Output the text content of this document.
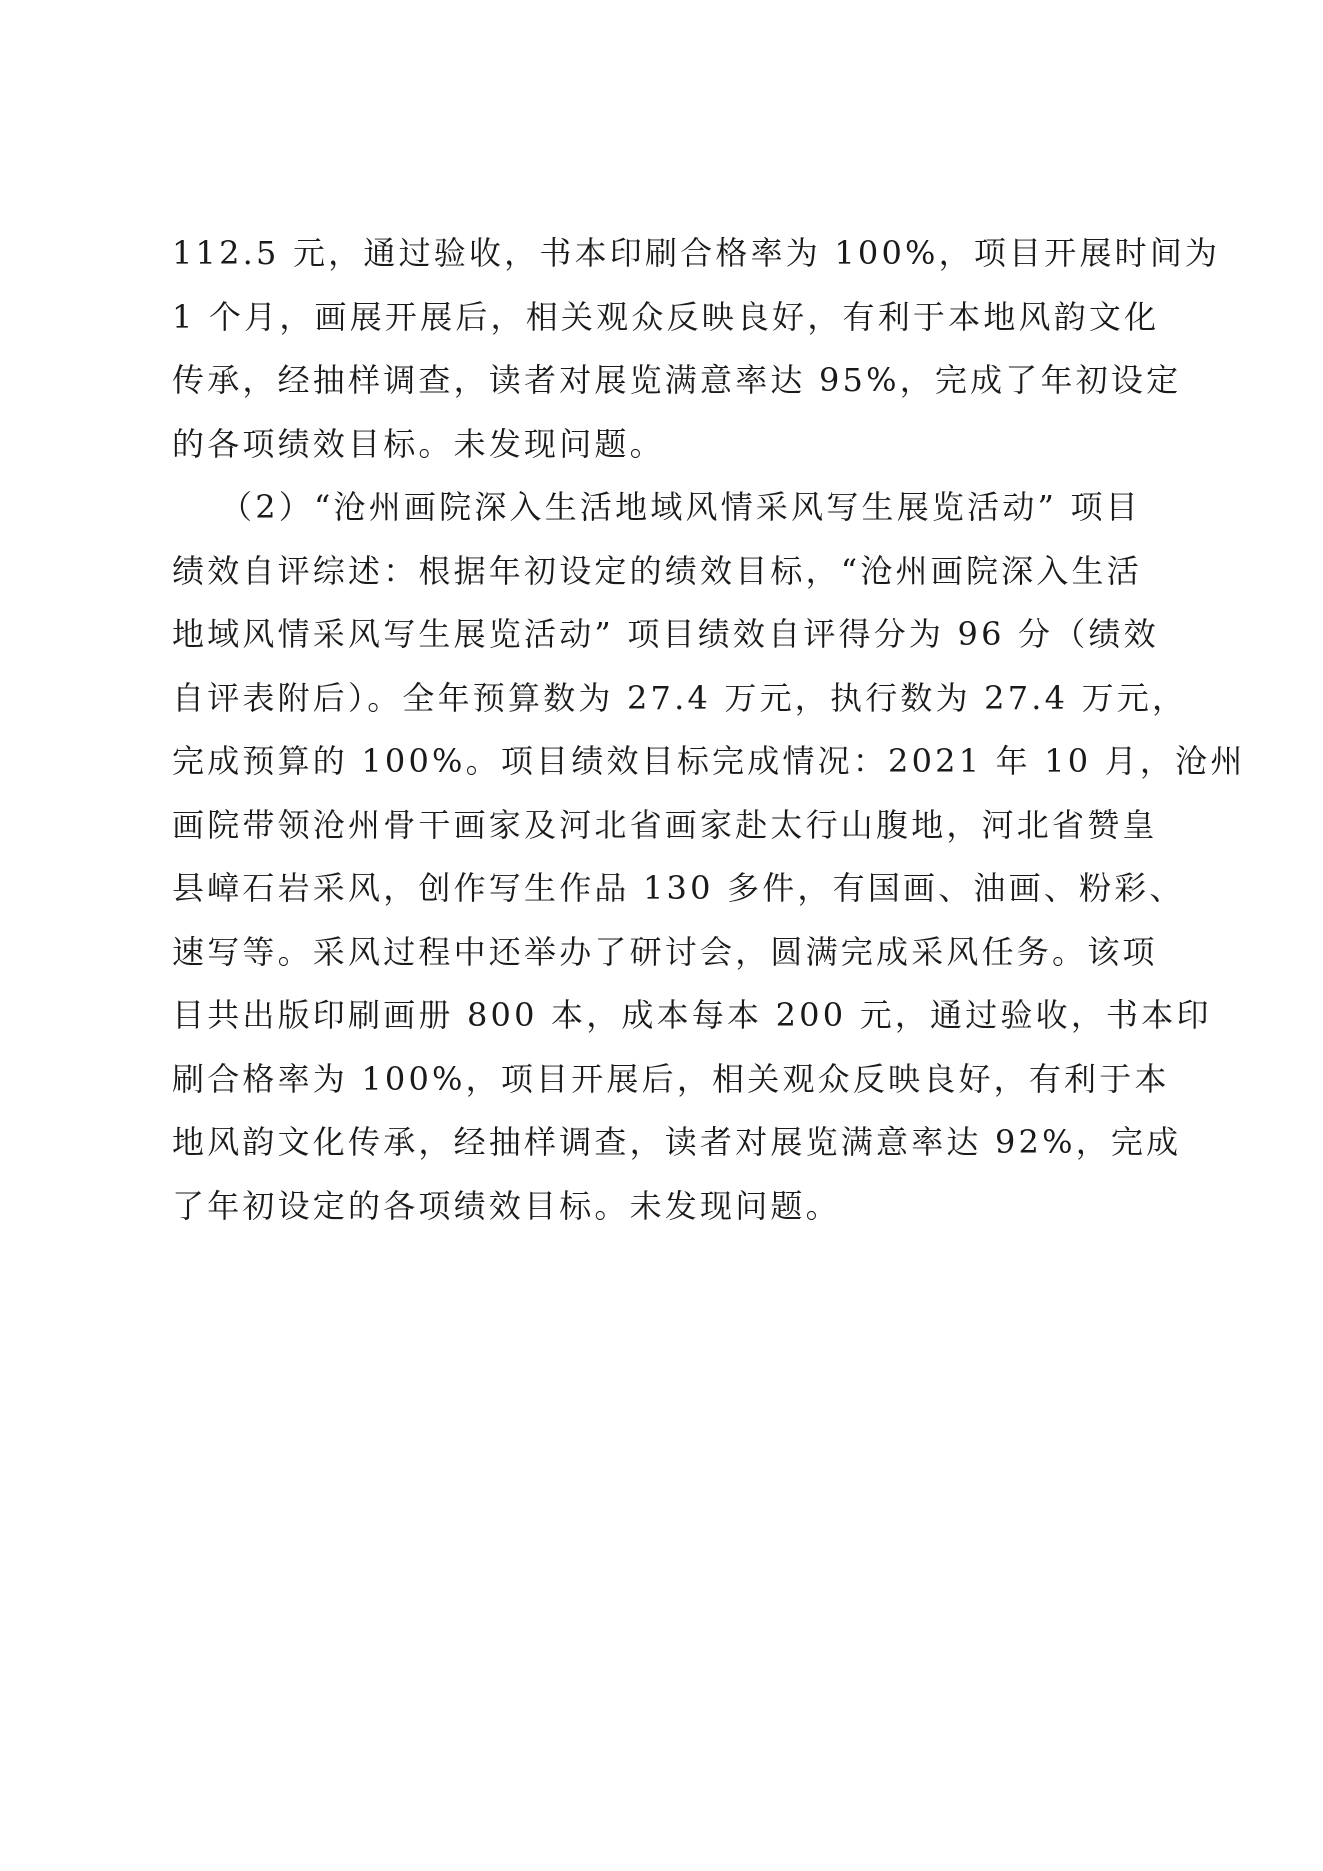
112.5 元，通过验收，书本印刷合格率为 100%，项目开展时间为
1 个月，画展开展后，相关观众反映良好，有利于本地风韵文化
传承，经抽样调查，读者对展览满意率达 95%，完成了年初设定
的各项绩效目标。未发现问题。
（2）“沧州画院深入生活地域风情采风写生展览活动” 项目
绩效自评综述：根据年初设定的绩效目标，“沧州画院深入生活
地域风情采风写生展览活动” 项目绩效自评得分为 96 分（绩效
自评表附后）。全年预算数为 27.4 万元，执行数为 27.4 万元，
完成预算的 100%。项目绩效目标完成情况：2021 年 10 月，沧州
画院带领沧州骨干画家及河北省画家赴太行山腹地，河北省赞皇
县嶂石岩采风，创作写生作品 130 多件，有国画、油画、粉彩、
速写等。采风过程中还举办了研讨会，圆满完成采风任务。该项
目共出版印刷画册 800 本，成本每本 200 元，通过验收，书本印
刷合格率为 100%，项目开展后，相关观众反映良好，有利于本
地风韵文化传承，经抽样调查，读者对展览满意率达 92%，完成
了年初设定的各项绩效目标。未发现问题。
